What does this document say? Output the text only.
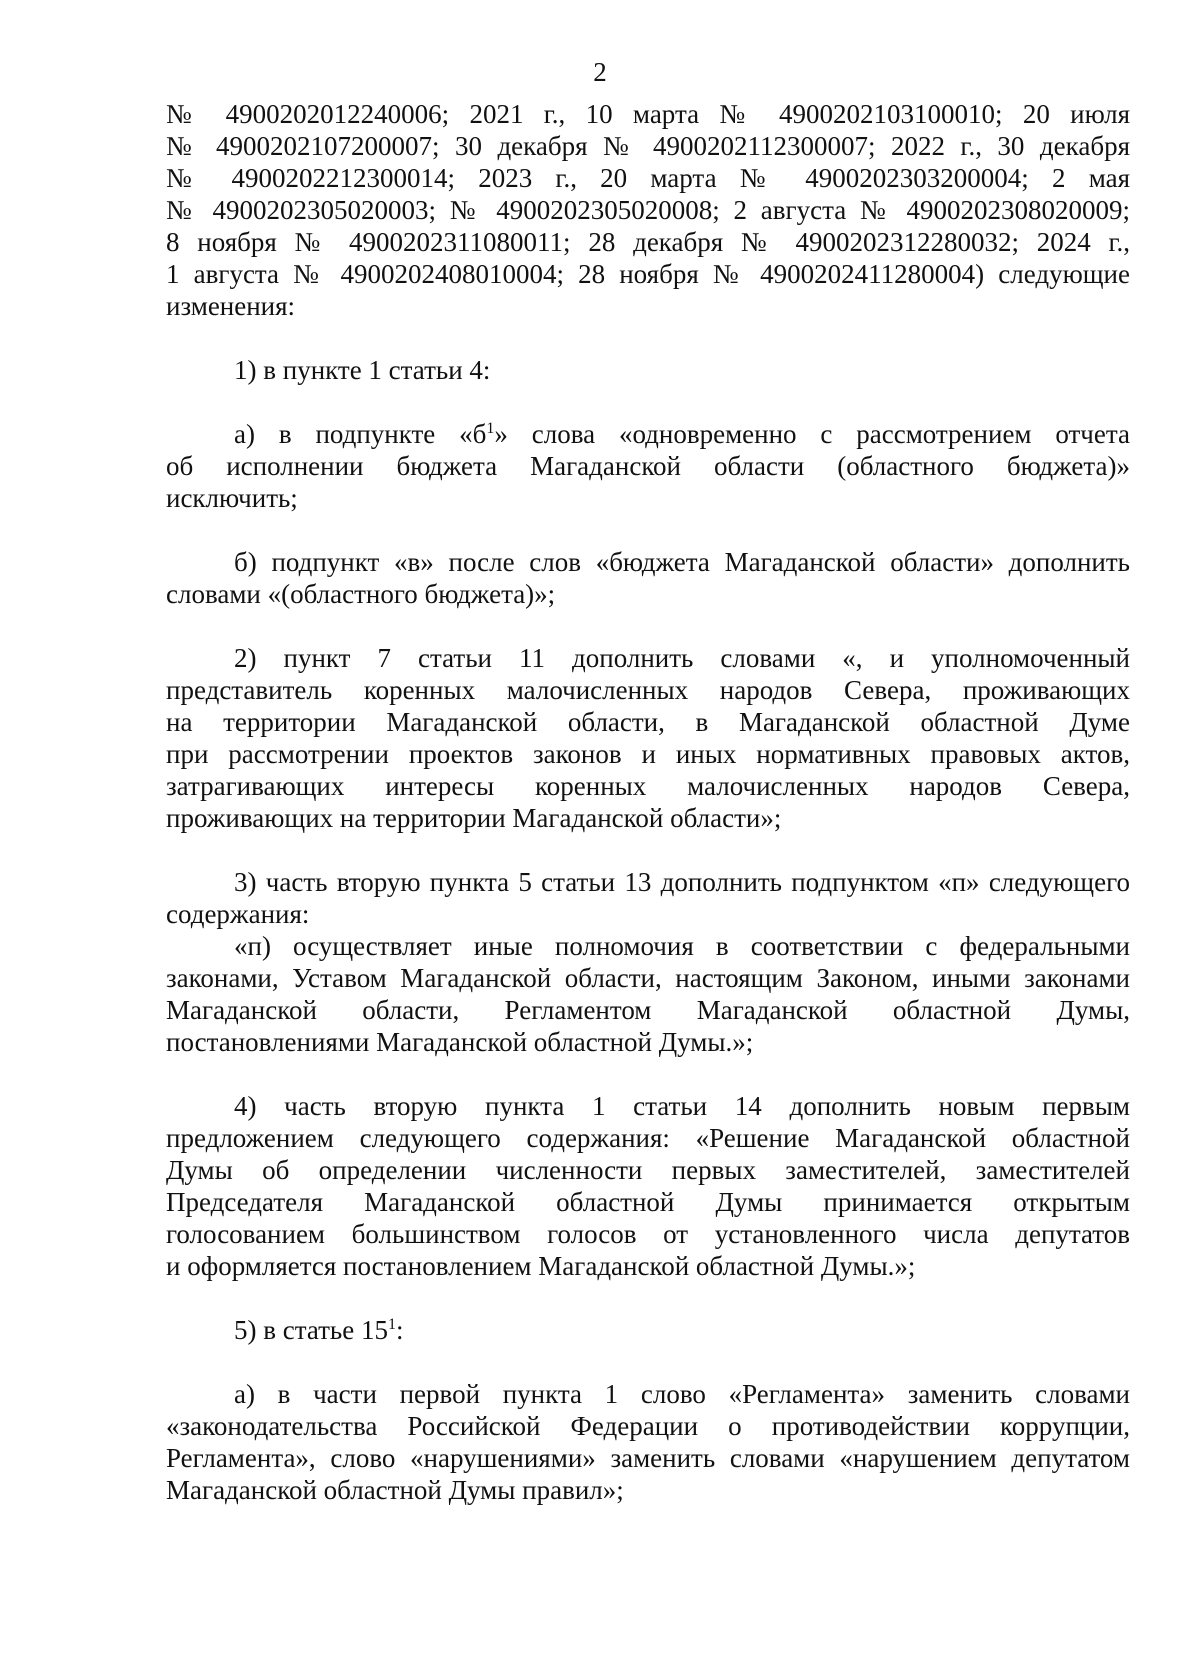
2
№ 4900202012240006; 2021 г., 10 марта № 4900202103100010; 20 июля
№ 4900202107200007; 30 декабря № 4900202112300007; 2022 г., 30 декабря
№ 4900202212300014; 2023 г., 20 марта № 4900202303200004; 2 мая
№ 4900202305020003; № 4900202305020008; 2 августа № 4900202308020009;
8 ноября № 4900202311080011; 28 декабря № 4900202312280032; 2024 г.,
1 августа № 4900202408010004; 28 ноября № 4900202411280004) следующие
изменения:
1) в пункте 1 статьи 4:
а) в подпункте «$б^1$» слова «одновременно с рассмотрением отчета
об исполнении бюджета Магаданской области (областного бюджета)»
исключить;
б) подпункт «в» после слов «бюджета Магаданской области» дополнить
словами «(областного бюджета)»;
2) пункт 7 статьи 11 дополнить словами «, и уполномоченный
представитель коренных малочисленных народов Севера, проживающих
на территории Магаданской области, в Магаданской областной Думе
при рассмотрении проектов законов и иных нормативных правовых актов,
затрагивающих интересы коренных малочисленных народов Севера,
проживающих на территории Магаданской области»;
3) часть вторую пункта 5 статьи 13 дополнить подпунктом «п» следующего
содержания:
«п) осуществляет иные полномочия в соответствии с федеральными
законами, Уставом Магаданской области, настоящим Законом, иными законами
Магаданской области, Регламентом Магаданской областной Думы,
постановлениями Магаданской областной Думы.»;
4) часть вторую пункта 1 статьи 14 дополнить новым первым
предложением следующего содержания: «Решение Магаданской областной
Думы об определении численности первых заместителей, заместителей
Председателя Магаданской областной Думы принимается открытым
голосованием большинством голосов от установленного числа депутатов
и оформляется постановлением Магаданской областной Думы.»;
5) в статье $15^1$:
а) в части первой пункта 1 слово «Регламента» заменить словами
«законодательства Российской Федерации о противодействии коррупции,
Регламента», слово «нарушениями» заменить словами «нарушением депутатом
Магаданской областной Думы правил»;
